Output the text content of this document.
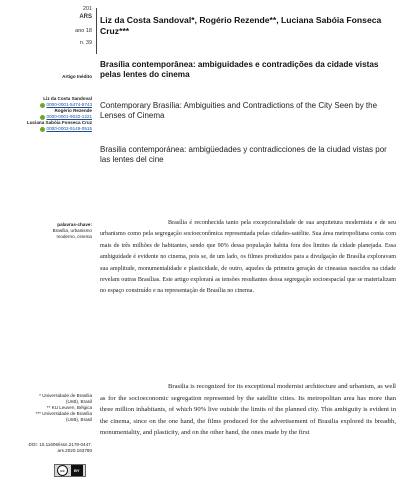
201
ARS
ano 18
n. 39
Artigo Inédito
Liz da Costa Sandoval
0000-0001-5474-5743
Rogério Rezende
0000-0001-9032-1221
Luciana Sabóia Fonseca Cruz
0000-0002-9149-0515
palavras-chave:
Brasília, urbanismo
moderno, cinema
* Universidade de Brasília
(UnB), Brasil
** KU Leuven, Bélgica
*** Universidade de Brasília
(UnB), Brasil
DOI: 10.11606/issn.2178-0447.
ars.2020.163780
cc	BY
Liz da Costa Sandoval*, Rogério Rezende**, Luciana Sabóia Fonseca Cruz***
Brasília contemporânea: ambiguidades e contradições da cidade vistas pelas lentes do cinema
Contemporary Brasília: Ambiguities and Contradictions of the City Seen by the Lenses of Cinema
Brasilia contemporánea: ambigüedades y contradicciones de la ciudad vistas por las lentes del cine
Brasília é reconhecida tanto pela excepcionalidade de sua arquitetura modernista e de seu urbanismo como pela segregação socioeconômica representada pelas cidades-satélite. Sua área metropolitana conta com mais de três milhões de habitantes, sendo que 90% dessa população habita fora dos limites da cidade planejada. Essa ambiguidade é evidente no cinema, pois se, de um lado, os filmes produzidos para a divulgação de Brasília exploravam sua amplitude, monumentalidade e plasticidade, de outro, aqueles da primeira geração de cineastas nascidos na cidade revelam outras Brasílias. Este artigo explorará as tensões resultantes dessa segregação socioespacial que se materializam no espaço construído e na representação de Brasília no cinema.
Brasilia is recognized for its exceptional modernist architecture and urbanism, as well as for the socioeconomic segregation represented by the satellite cities. Its metropolitan area has more than three million inhabitants, of which 90% live outside the limits of the planned city. This ambiguity is evident in the cinema, since on the one hand, the films produced for the advertisement of Brasilia explored its breadth, monumentality, and plasticity, and on the other hand, the ones made by the first
